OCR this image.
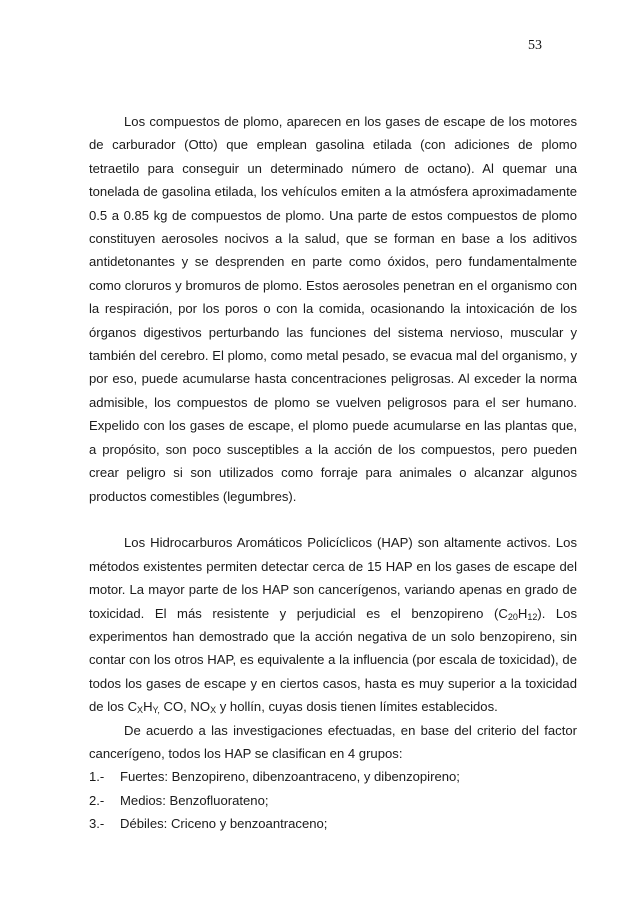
53

Los compuestos de plomo, aparecen en los gases de escape de los motores de carburador (Otto) que emplean gasolina etilada (con adiciones de plomo tetraetilo para conseguir un determinado número de octano). Al quemar una tonelada de gasolina etilada, los vehículos emiten a la atmósfera aproximadamente 0.5 a 0.85 kg de compuestos de plomo. Una parte de estos compuestos de plomo constituyen aerosoles nocivos a la salud, que se forman en base a los aditivos antidetonantes y se desprenden en parte como óxidos, pero fundamentalmente como cloruros y bromuros de plomo. Estos aerosoles penetran en el organismo con la respiración, por los poros o con la comida, ocasionando la intoxicación de los órganos digestivos perturbando las funciones del sistema nervioso, muscular y también del cerebro. El plomo, como metal pesado, se evacua mal del organismo, y por eso, puede acumularse hasta concentraciones peligrosas. Al exceder la norma admisible, los compuestos de plomo se vuelven peligrosos para el ser humano. Expelido con los gases de escape, el plomo puede acumularse en las plantas que, a propósito, son poco susceptibles a la acción de los compuestos, pero pueden crear peligro si son utilizados como forraje para animales o alcanzar algunos productos comestibles (legumbres).

Los Hidrocarburos Aromáticos Policíclicos (HAP) son altamente activos. Los métodos existentes permiten detectar cerca de 15 HAP en los gases de escape del motor. La mayor parte de los HAP son cancerígenos, variando apenas en grado de toxicidad. El más resistente y perjudicial es el benzopireno $(C_{20}H_{12})$. Los experimentos han demostrado que la acción negativa de un solo benzopireno, sin contar con los otros HAP, es equivalente a la influencia (por escala de toxicidad), de todos los gases de escape y en ciertos casos, hasta es muy superior a la toxicidad de los $C_XH_{Y,}$ CO, $NO_X$ y hollín, cuyas dosis tienen límites establecidos.

De acuerdo a las investigaciones efectuadas, en base del criterio del factor cancerígeno, todos los HAP se clasifican en 4 grupos:

1.-	Fuertes: Benzopireno, dibenzoantraceno, y dibenzopireno;
2.-	Medios: Benzofluorateno;
3.-	Débiles: Criceno y benzoantraceno;
